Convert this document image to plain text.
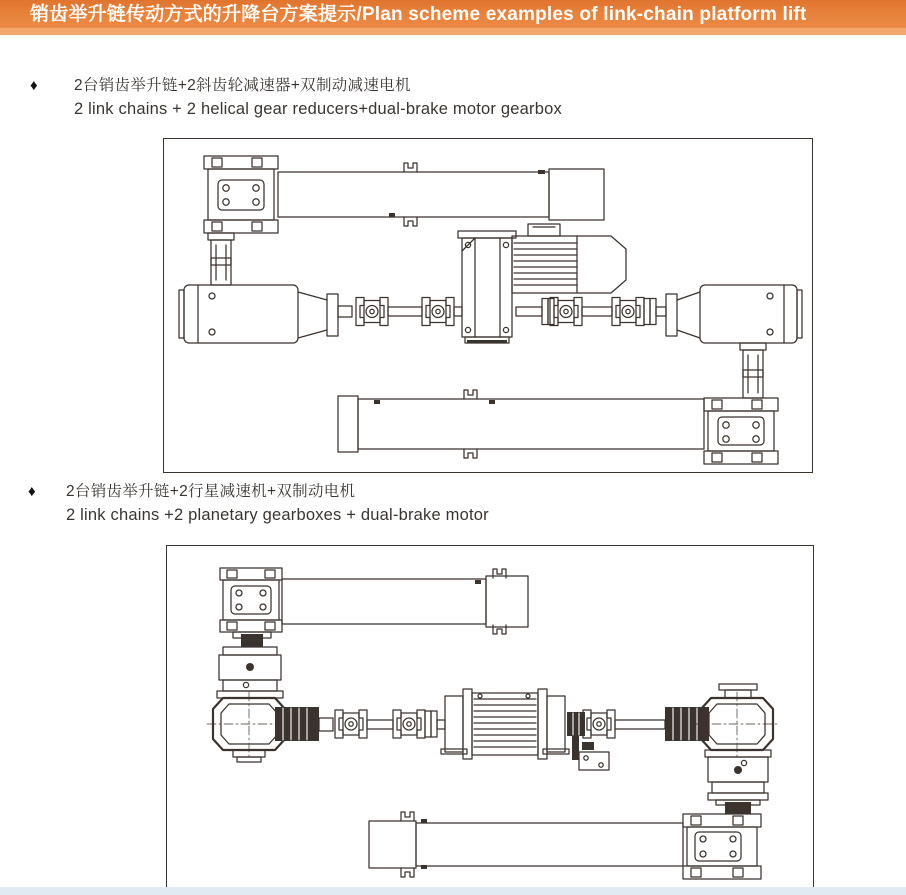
销齿举升链传动方式的升降台方案提示/Plan scheme examples of link-chain platform lift
♦ 2台销齿举升链+2斜齿轮减速器+双制动减速电机
2 link chains + 2 helical gear reducers+dual-brake motor gearbox
♦ 2台销齿举升链+2行星减速机+双制动电机
2 link chains +2 planetary gearboxes + dual-brake motor
